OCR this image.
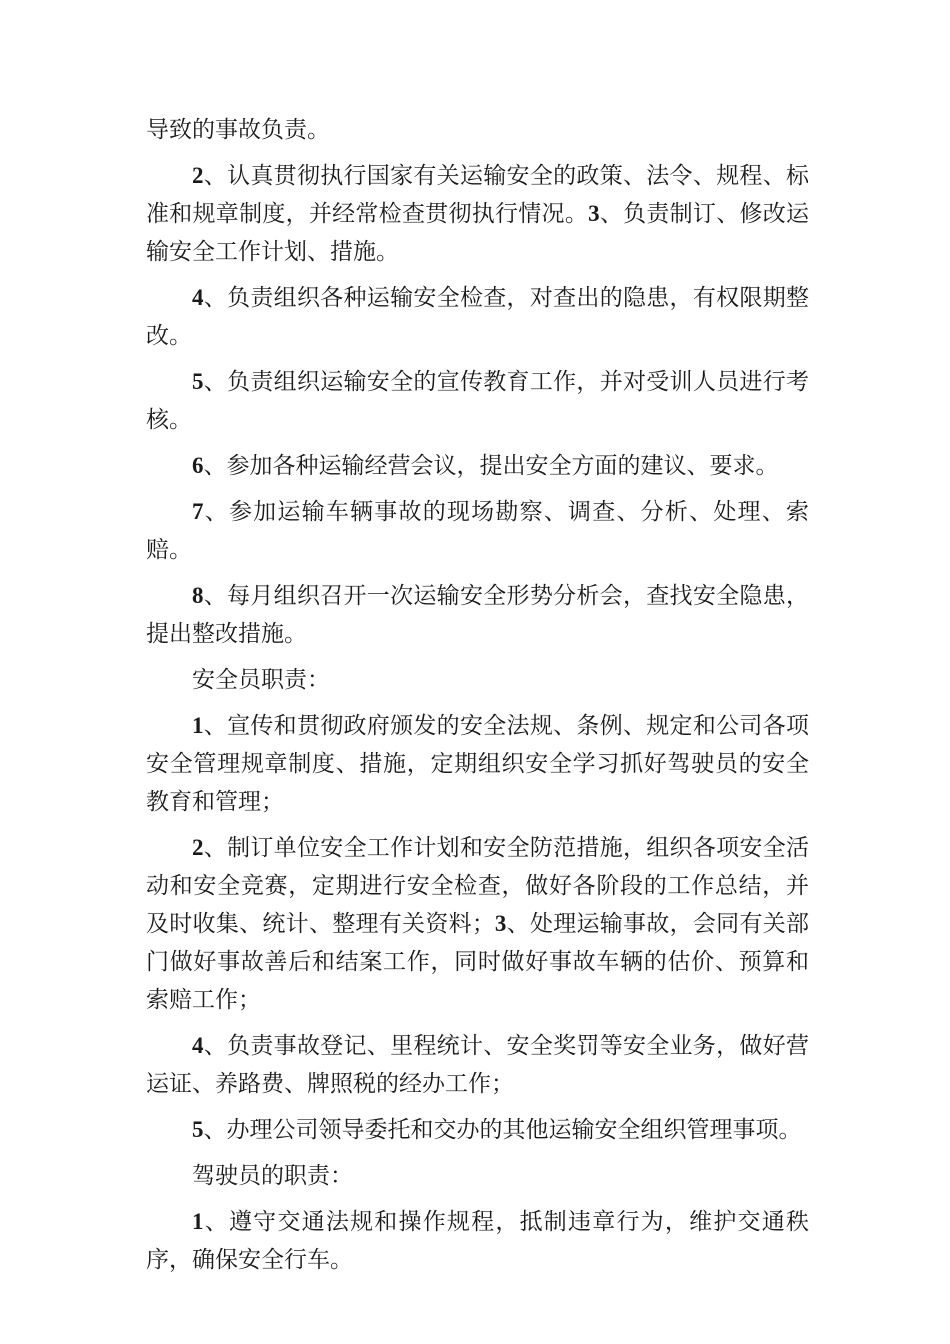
导致的事故负责。

2、认真贯彻执行国家有关运输安全的政策、法令、规程、标准和规章制度，并经常检查贯彻执行情况。3、负责制订、修改运输安全工作计划、措施。

4、负责组织各种运输安全检查，对查出的隐患，有权限期整改。

5、负责组织运输安全的宣传教育工作，并对受训人员进行考核。

6、参加各种运输经营会议，提出安全方面的建议、要求。

7、参加运输车辆事故的现场勘察、调查、分析、处理、索赔。

8、每月组织召开一次运输安全形势分析会，查找安全隐患，提出整改措施。

安全员职责：

1、宣传和贯彻政府颁发的安全法规、条例、规定和公司各项安全管理规章制度、措施，定期组织安全学习抓好驾驶员的安全教育和管理；

2、制订单位安全工作计划和安全防范措施，组织各项安全活动和安全竞赛，定期进行安全检查，做好各阶段的工作总结，并及时收集、统计、整理有关资料；3、处理运输事故，会同有关部门做好事故善后和结案工作，同时做好事故车辆的估价、预算和索赔工作；

4、负责事故登记、里程统计、安全奖罚等安全业务，做好营运证、养路费、牌照税的经办工作；

5、办理公司领导委托和交办的其他运输安全组织管理事项。

驾驶员的职责：

1、遵守交通法规和操作规程，抵制违章行为，维护交通秩序，确保安全行车。
